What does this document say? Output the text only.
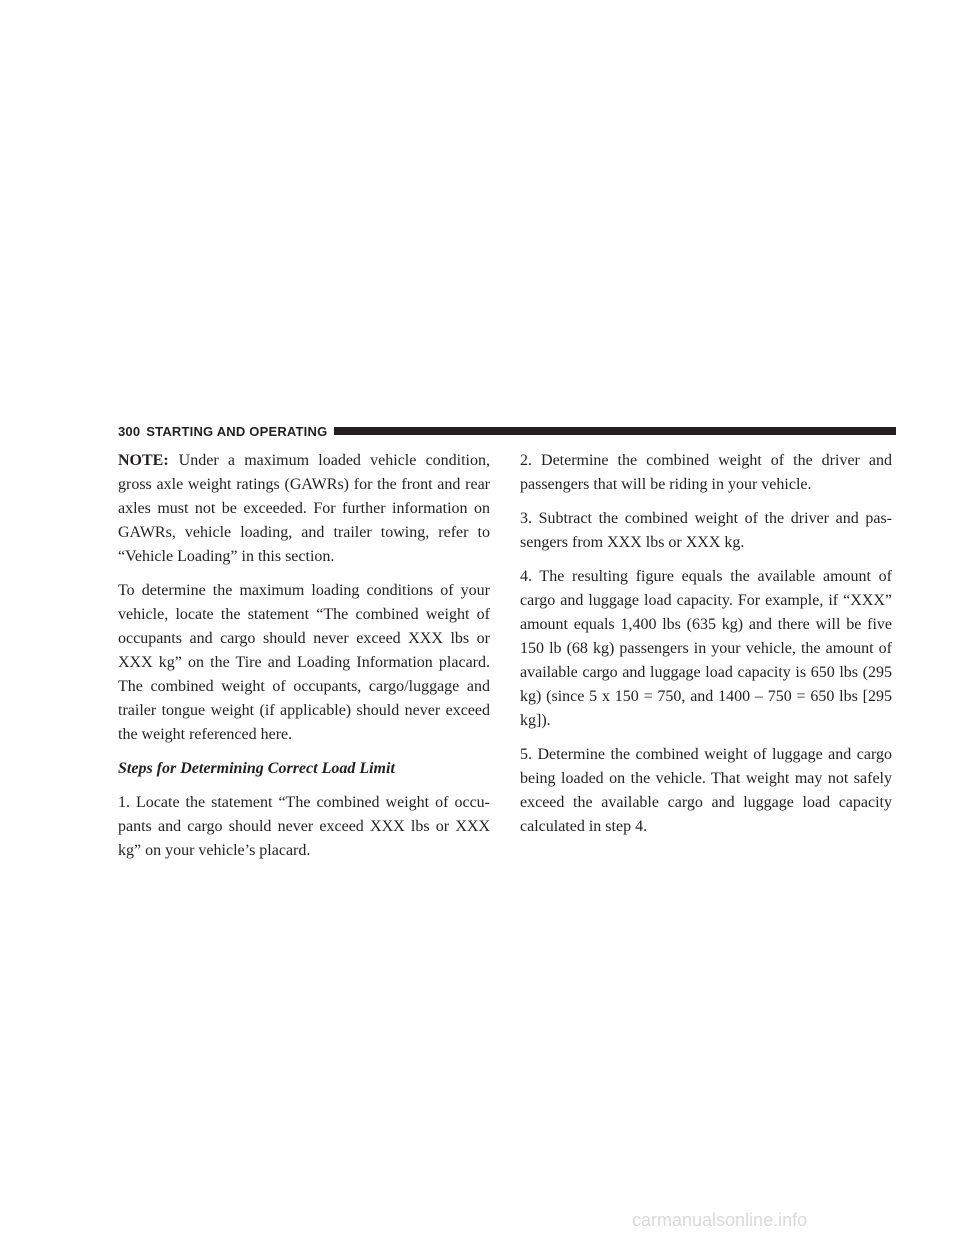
300 STARTING AND OPERATING

NOTE: Under a maximum loaded vehicle condition, gross axle weight ratings (GAWRs) for the front and rear axles must not be exceeded. For further information on GAWRs, vehicle loading, and trailer towing, refer to “Vehicle Loading” in this section.

To determine the maximum loading conditions of your vehicle, locate the statement “The combined weight of occupants and cargo should never exceed XXX lbs or XXX kg” on the Tire and Loading Information placard. The combined weight of occupants, cargo/luggage and trailer tongue weight (if applicable) should never exceed the weight referenced here.

Steps for Determining Correct Load Limit

1. Locate the statement “The combined weight of occu-pants and cargo should never exceed XXX lbs or XXX kg” on your vehicle’s placard.

2. Determine the combined weight of the driver and passengers that will be riding in your vehicle.

3. Subtract the combined weight of the driver and pas-sengers from XXX lbs or XXX kg.

4. The resulting figure equals the available amount of cargo and luggage load capacity. For example, if “XXX” amount equals 1,400 lbs (635 kg) and there will be five 150 lb (68 kg) passengers in your vehicle, the amount of available cargo and luggage load capacity is 650 lbs (295 kg) (since 5 x 150 = 750, and 1400 – 750 = 650 lbs [295 kg]).

5. Determine the combined weight of luggage and cargo being loaded on the vehicle. That weight may not safely exceed the available cargo and luggage load capacity calculated in step 4.

carmanualsonline.info
